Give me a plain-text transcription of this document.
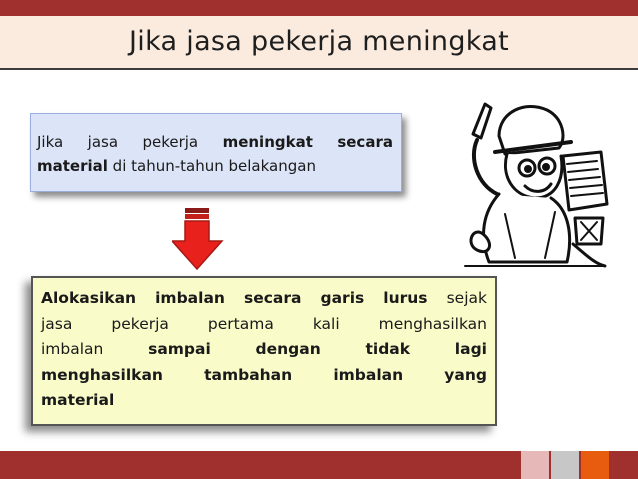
Jika jasa pekerja meningkat
Jika jasa pekerja meningkat secara
material di tahun-tahun belakangan
Alokasikan imbalan secara garis lurus sejak
jasa	pekerja	pertama	kali	menghasilkan
imbalan	sampai	dengan	tidak	lagi
menghasilkan	tambahan	imbalan	yang
material
